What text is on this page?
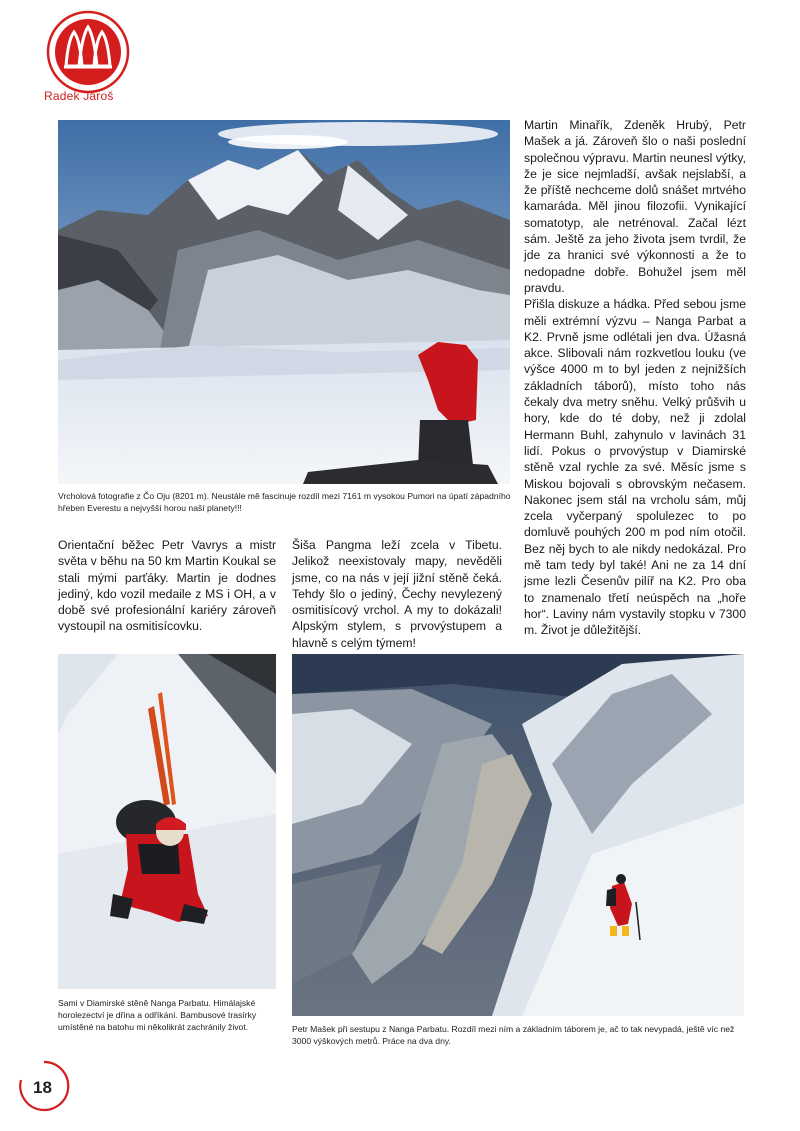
Radek Jaroš
Vrcholová fotografie z Čo Oju (8201 m). Neustále mě fascinuje rozdíl mezi 7161 m vysokou Pumori na úpatí západního hřeben Everestu a nejvyšší horou naší planety!!!

Martin Minařík, Zdeněk Hrubý, Petr Mašek a já. Zároveň šlo o naši poslední společnou výpravu. Martin neunesl výtky, že je sice nejmladší, avšak nejslabší, a že příště nechceme dolů snášet mrtvého kamaráda. Měl jinou filozofii. Vynikající somatotyp, ale netrénoval. Začal lézt sám. Ještě za jeho života jsem tvrdil, že jde za hranici své výkonnosti a že to nedopadne dobře. Bohužel jsem měl pravdu.

Přišla diskuze a hádka. Před sebou jsme měli extrémní výzvu – Nanga Parbat a K2. Prvně jsme odlétali jen dva. Úžasná akce. Slibovali nám rozkvetlou louku (ve výšce 4000 m to byl jeden z nejnižších základních táborů), místo toho nás čekaly dva metry sněhu. Velký průšvih u hory, kde do té doby, než ji zdolal Hermann Buhl, zahynulo v lavinách 31 lidí. Pokus o prvovýstup v Diamirské stěně vzal rychle za své. Měsíc jsme s Miskou bojovali s obrovským nečasem. Nakonec jsem stál na vrcholu sám, můj zcela vyčerpaný spolulezec to po domluvě pouhých 200 m pod ním otočil. Bez něj bych to ale nikdy nedokázal. Pro mě tam tedy byl také! Ani ne za 14 dní jsme lezli Česenův pilíř na K2. Pro oba to znamenalo třetí neúspěch na „hoře hor“. Laviny nám vystavily stopku v 7300 m. Život je důležitější.

Orientační běžec Petr Vavrys a mistr světa v běhu na 50 km Martin Koukal se stali mými parťáky. Martin je dodnes jediný, kdo vozil medaile z MS i OH, a v době své profesionální kariéry zároveň vystoupil na osmitisícovku.
Šiša Pangma leží zcela v Tibetu. Jelikož neexistovaly mapy, nevěděli jsme, co na nás v její jižní stěně čeká. Tehdy šlo o jediný, Čechy nevylezený osmitisícový vrchol. A my to dokázali! Alpským stylem, s prvovýstupem a hlavně s celým týmem!
Sami v Diamirské stěně Nanga Parbatu. Himálajské horolezectví je dřina a odříkání. Bambusové trasírky umístěné na batohu mi několikrát zachránily život.	Petr Mašek při sestupu z Nanga Parbatu. Rozdíl mezi ním a základním táborem je, ač to tak nevypadá, ještě víc než 3000 výškových metrů. Práce na dva dny.
18
